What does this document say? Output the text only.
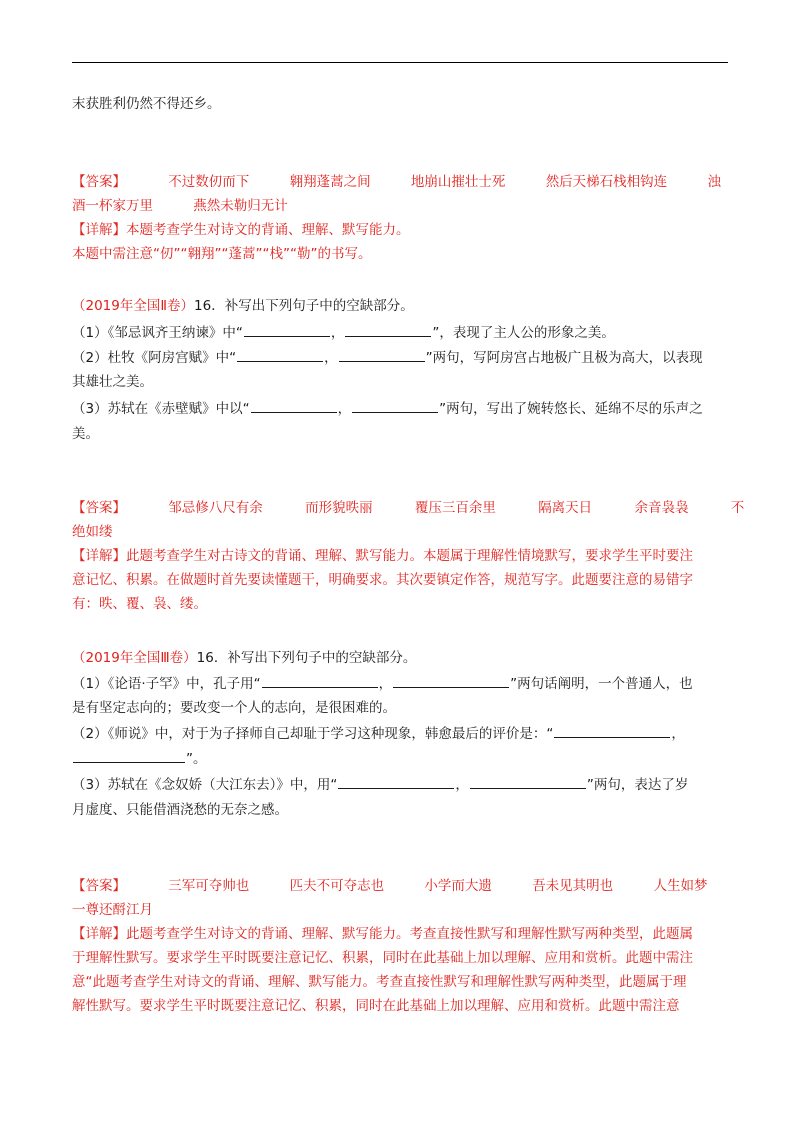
末获胜利仍然不得还乡。
【答案】	不过数仞而下	翱翔蓬蒿之间	地崩山摧壮士死	然后天梯石栈相钩连	浊
酒一杯家万里	燕然未勒归无计
【详解】本题考查学生对诗文的背诵、理解、默写能力。
本题中需注意“仞”“翱翔”“蓬蒿”“栈”“勒”的书写。
（2019年全国Ⅱ卷）16．补写出下列句子中的空缺部分。
（1）《邹忌讽齐王纳谏》中“	，	”，表现了主人公的形象之美。
（2）杜牧《阿房宫赋》中“	，	”两句，写阿房宫占地极广且极为高大，以表现
其雄壮之美。
（3）苏轼在《赤壁赋》中以“	，	”两句，写出了婉转悠长、延绵不尽的乐声之
美。
【答案】	邹忌修八尺有余	而形貌昳丽	覆压三百余里	隔离天日	余音袅袅	不
绝如缕
【详解】此题考查学生对古诗文的背诵、理解、默写能力。本题属于理解性情境默写，要求学生平时要注
意记忆、积累。在做题时首先要读懂题干，明确要求。其次要镇定作答，规范写字。此题要注意的易错字
有：昳、覆、袅、缕。
（2019年全国Ⅲ卷）16．补写出下列句子中的空缺部分。
（1）《论语·子罕》中，孔子用“	，	”两句话阐明，一个普通人，也
是有坚定志向的；要改变一个人的志向，是很困难的。
（2）《师说》中，对于为子择师自己却耻于学习这种现象，韩愈最后的评价是：“	，
”。
（3）苏轼在《念奴娇（大江东去）》中，用“	，	”两句，表达了岁
月虚度、只能借酒浇愁的无奈之感。
【答案】	三军可夺帅也	匹夫不可夺志也	小学而大遗	吾未见其明也	人生如梦
一尊还酹江月
【详解】此题考查学生对诗文的背诵、理解、默写能力。考查直接性默写和理解性默写两种类型，此题属
于理解性默写。要求学生平时既要注意记忆、积累，同时在此基础上加以理解、应用和赏析。此题中需注
意“此题考查学生对诗文的背诵、理解、默写能力。考查直接性默写和理解性默写两种类型，此题属于理
解性默写。要求学生平时既要注意记忆、积累，同时在此基础上加以理解、应用和赏析。此题中需注意
